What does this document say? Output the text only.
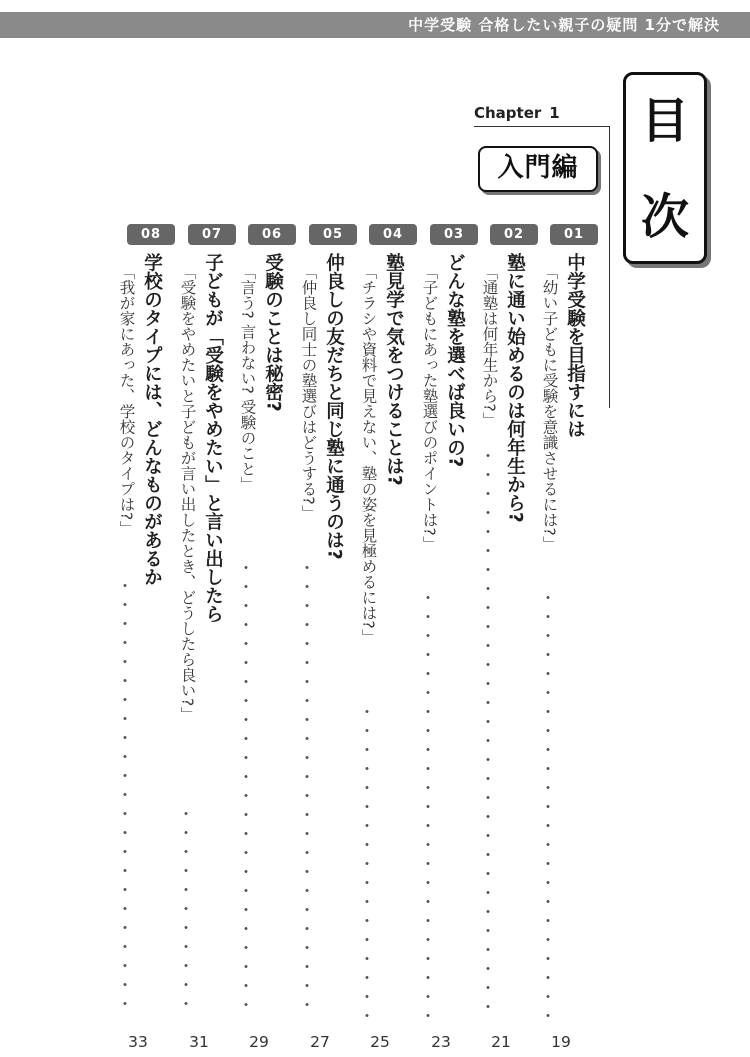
中学受験 合格したい親子の疑問 1分で解決
目
次
Chapter 1
入門編
01
中学受験を目指すには
「幼い子どもに受験を意識させるには?」
19
02
塾に通い始めるのは何年生から?
「通塾は何年生から?」
21
03
どんな塾を選べば良いの?
「子どもにあった塾選びのポイントは?」
23
04
塾見学で気をつけることは?
「チラシや資料で見えない、塾の姿を見極めるには?」
25
05
仲良しの友だちと同じ塾に通うのは?
「仲良し同士の塾選びはどうする?」
27
06
受験のことは秘密?
「言う? 言わない? 受験のこと」
29
07
子どもが「受験をやめたい」と言い出したら
「受験をやめたいと子どもが言い出したとき、どうしたら良い?」
31
08
学校のタイプには、どんなものがあるか
「我が家にあった、学校のタイプは?」
33
